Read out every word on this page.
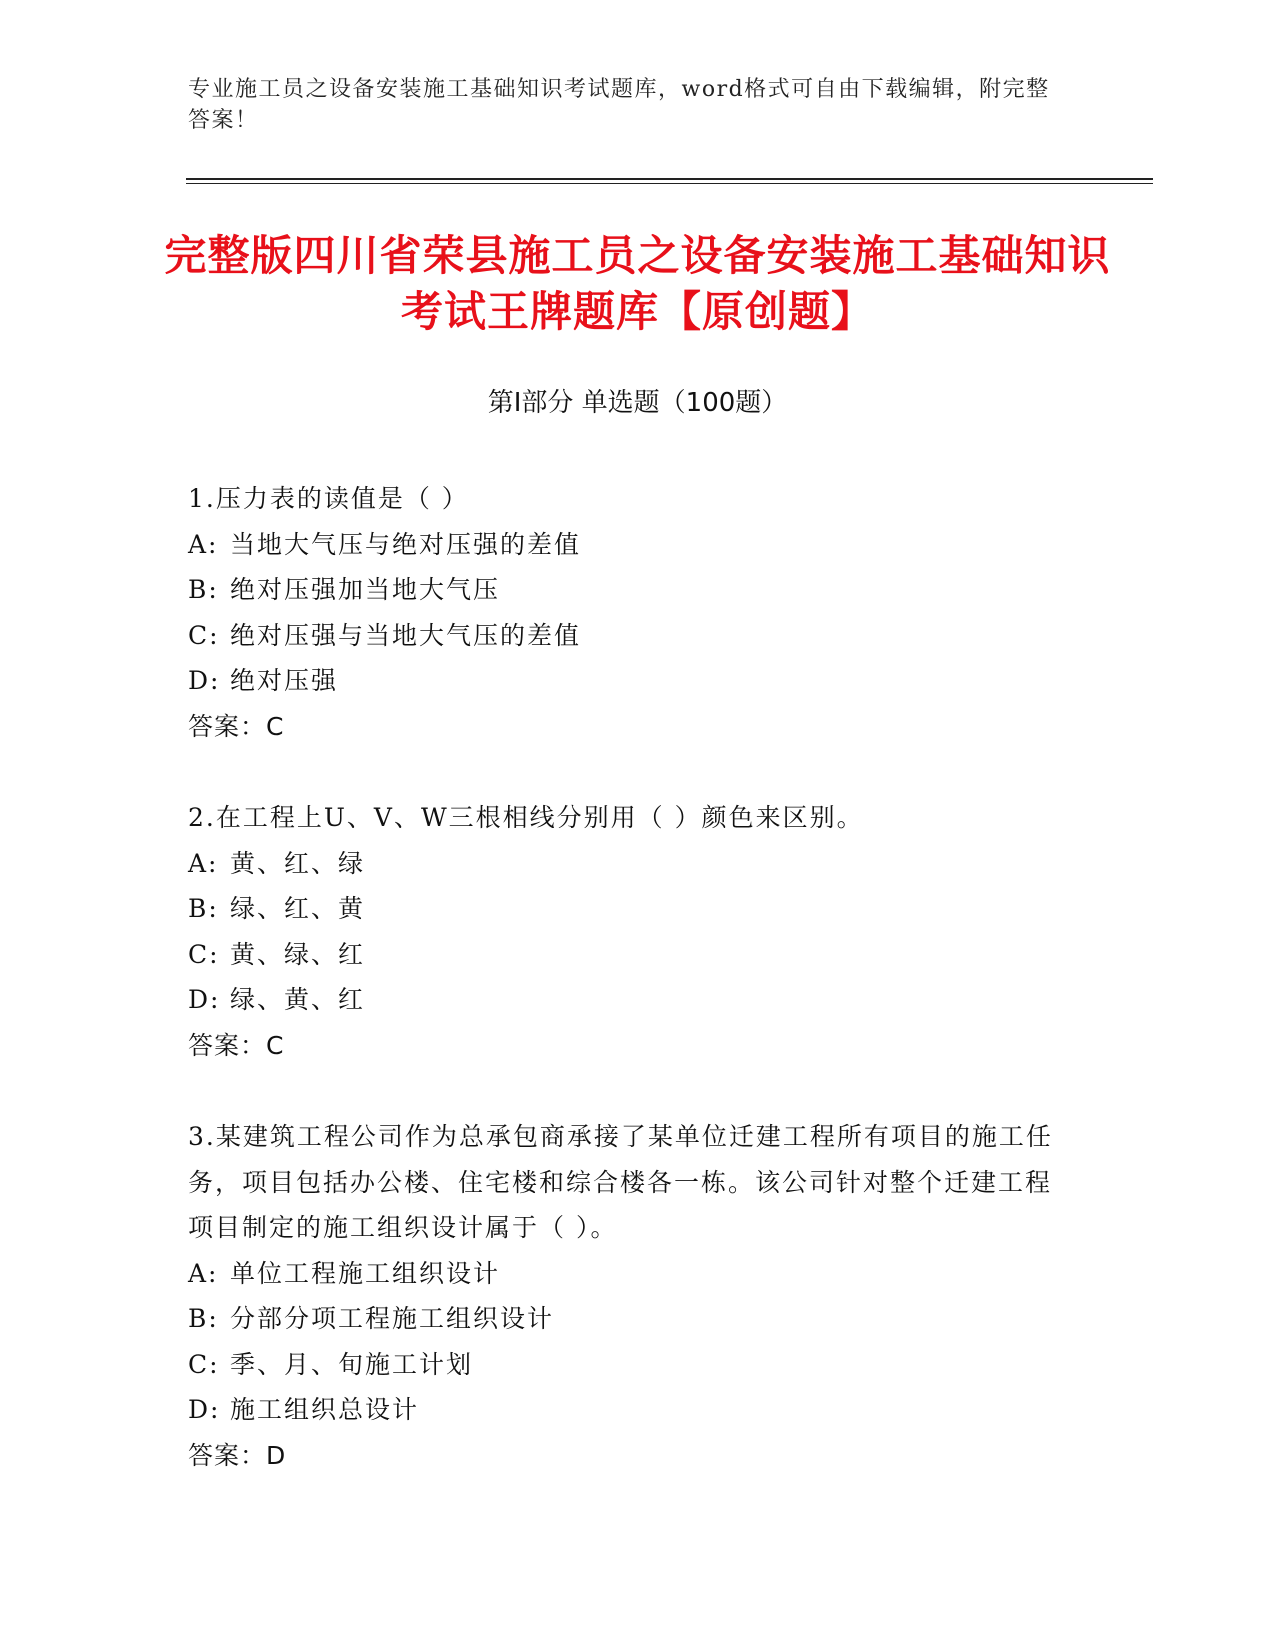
专业施工员之设备安装施工基础知识考试题库，word格式可自由下载编辑，附完整答案！
完整版四川省荣县施工员之设备安装施工基础知识考试王牌题库【原创题】
第Ⅰ部分 单选题（100题）
1.压力表的读值是（ ）
A: 当地大气压与绝对压强的差值
B: 绝对压强加当地大气压
C: 绝对压强与当地大气压的差值
D: 绝对压强
答案：C
2.在工程上U、V、W三根相线分别用（ ）颜色来区别。
A: 黄、红、绿
B: 绿、红、黄
C: 黄、绿、红
D: 绿、黄、红
答案：C
3.某建筑工程公司作为总承包商承接了某单位迁建工程所有项目的施工任务，项目包括办公楼、住宅楼和综合楼各一栋。该公司针对整个迁建工程项目制定的施工组织设计属于（ ）。
A: 单位工程施工组织设计
B: 分部分项工程施工组织设计
C: 季、月、旬施工计划
D: 施工组织总设计
答案：D
